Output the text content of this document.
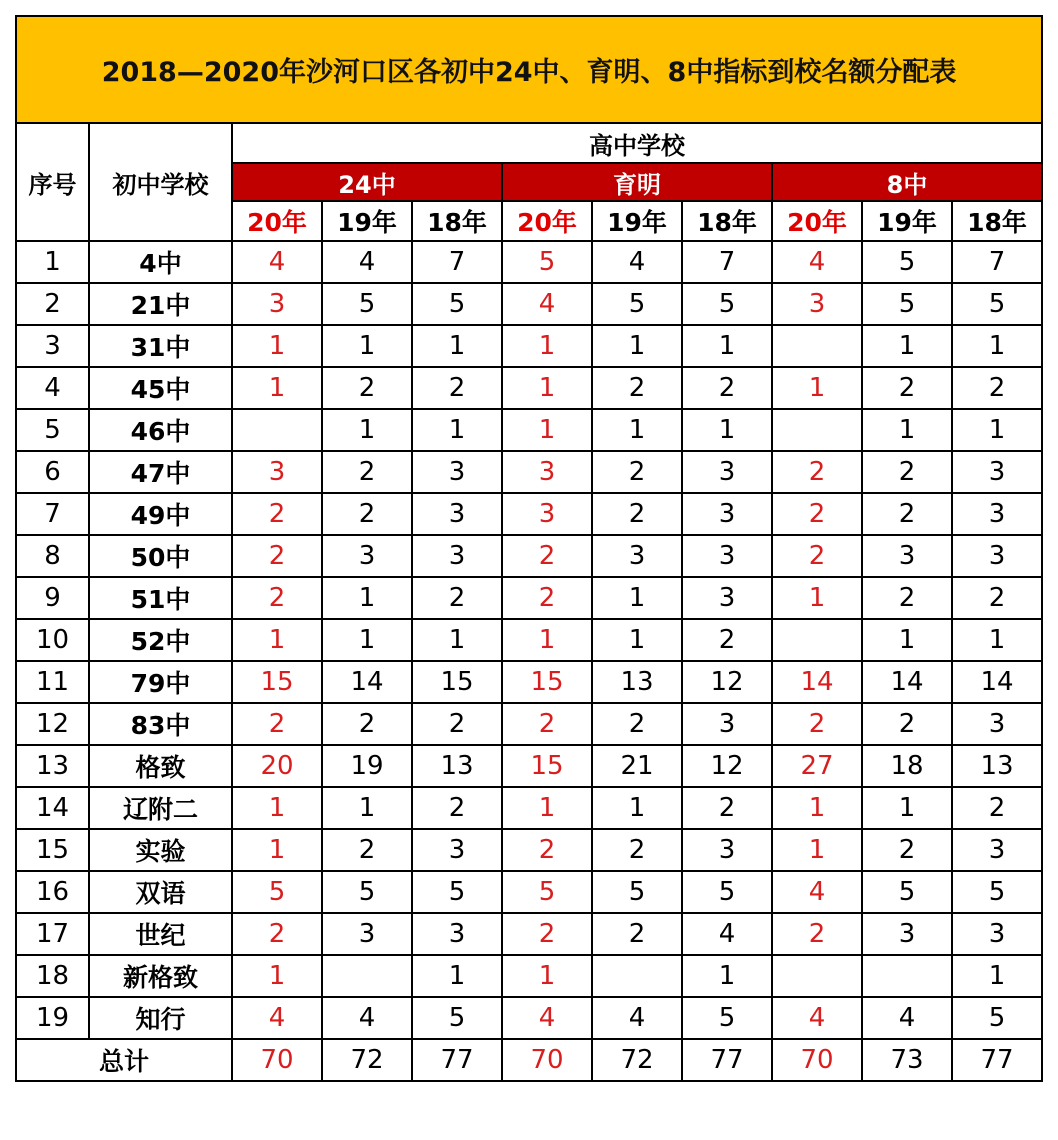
2018—2020年沙河口区各初中24中、育明、8中指标到校名额分配表										
序号	初中学校	高中学校								
		24中			育明			8中		
		20年	19年	18年	20年	19年	18年	20年	19年	18年
1	4中	4	4	7	5	4	7	4	5	7
2	21中	3	5	5	4	5	5	3	5	5
3	31中	1	1	1	1	1	1		1	1
4	45中	1	2	2	1	2	2	1	2	2
5	46中		1	1	1	1	1		1	1
6	47中	3	2	3	3	2	3	2	2	3
7	49中	2	2	3	3	2	3	2	2	3
8	50中	2	3	3	2	3	3	2	3	3
9	51中	2	1	2	2	1	3	1	2	2
10	52中	1	1	1	1	1	2		1	1
11	79中	15	14	15	15	13	12	14	14	14
12	83中	2	2	2	2	2	3	2	2	3
13	格致	20	19	13	15	21	12	27	18	13
14	辽附二	1	1	2	1	1	2	1	1	2
15	实验	1	2	3	2	2	3	1	2	3
16	双语	5	5	5	5	5	5	4	5	5
17	世纪	2	3	3	2	2	4	2	3	3
18	新格致	1		1	1		1			1
19	知行	4	4	5	4	4	5	4	4	5
总计		70	72	77	70	72	77	70	73	77
